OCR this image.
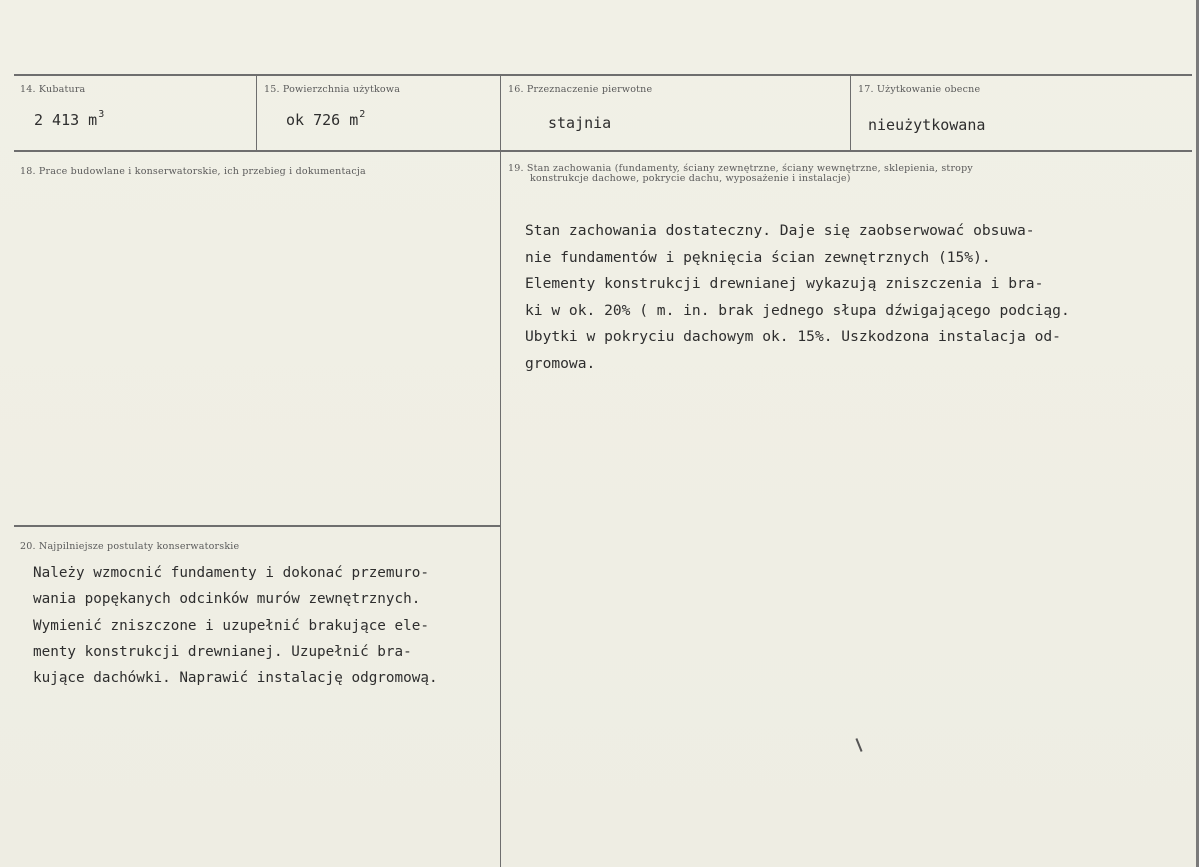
14. Kubatura
2 413 $m^3$
15. Powierzchnia użytkowa
ok 726 $m^2$
16. Przeznaczenie pierwotne
stajnia
17. Użytkowanie obecne
nieużytkowana
18. Prace budowlane i konserwatorskie, ich przebieg i dokumentacja	19. Stan zachowania (fundamenty, ściany zewnętrzne, ściany wewnętrzne, sklepienia, stropy
konstrukcje dachowe, pokrycie dachu, wyposażenie i instalacje)
Stan zachowania dostateczny. Daje się zaobserwować obsuwa-
nie fundamentów i pęknięcia ścian zewnętrznych (15%).
Elementy konstrukcji drewnianej wykazują zniszczenia i bra-
ki w ok. 20% ( m. in. brak jednego słupa dźwigającego podciąg.
Ubytki w pokryciu dachowym ok. 15%. Uszkodzona instalacja od-
gromowa.
20. Najpilniejsze postulaty konserwatorskie
Należy wzmocnić fundamenty i dokonać przemuro-
wania popękanych odcinków murów zewnętrznych.
Wymienić zniszczone i uzupełnić brakujące ele-
menty konstrukcji drewnianej. Uzupełnić bra-
kujące dachówki. Naprawić instalację odgromową.
